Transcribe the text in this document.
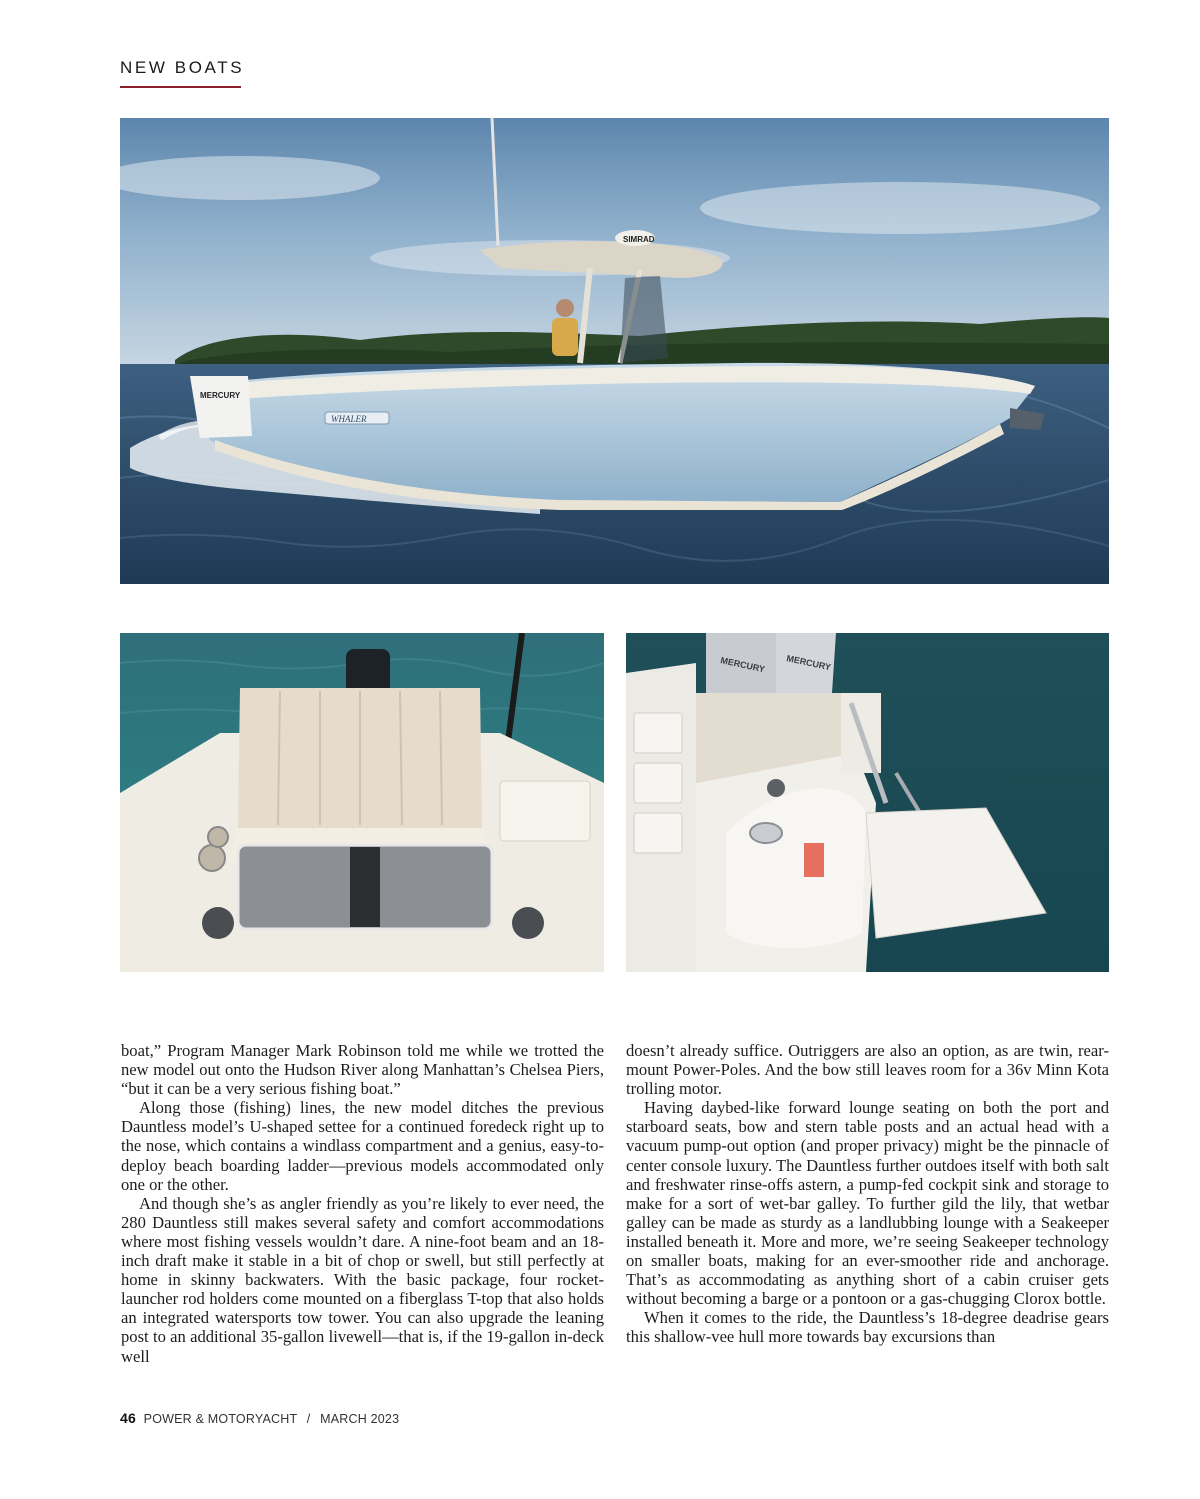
NEW BOATS
SIMRAD
WHALER
MERCURY
MERCURY MERCURY

boat,” Program Manager Mark Robinson told me while we trotted the new model out onto the Hudson River along Manhattan’s Chelsea Piers, “but it can be a very serious fishing boat.”

Along those (fishing) lines, the new model ditches the previous Dauntless model’s U-shaped settee for a continued foredeck right up to the nose, which contains a windlass compartment and a genius, easy-to-deploy beach boarding ladder—previous models accommodated only one or the other.

And though she’s as angler friendly as you’re likely to ever need, the 280 Dauntless still makes several safety and comfort accommodations where most fishing vessels wouldn’t dare. A nine-foot beam and an 18-inch draft make it stable in a bit of chop or swell, but still perfectly at home in skinny backwaters. With the basic package, four rocket-launcher rod holders come mounted on a fiberglass T-top that also holds an integrated watersports tow tower. You can also upgrade the leaning post to an additional 35-gallon livewell—that is, if the 19-gallon in-deck well

doesn’t already suffice. Outriggers are also an option, as are twin, rear-mount Power-Poles. And the bow still leaves room for a 36v Minn Kota trolling motor.

Having daybed-like forward lounge seating on both the port and starboard seats, bow and stern table posts and an actual head with a vacuum pump-out option (and proper privacy) might be the pinnacle of center console luxury. The Dauntless further outdoes itself with both salt and freshwater rinse-offs astern, a pump-fed cockpit sink and storage to make for a sort of wet-bar galley. To further gild the lily, that wetbar galley can be made as sturdy as a landlubbing lounge with a Seakeeper installed beneath it. More and more, we’re seeing Seakeeper technology on smaller boats, making for an ever-smoother ride and anchorage. That’s as accommodating as anything short of a cabin cruiser gets without becoming a barge or a pontoon or a gas-chugging Clorox bottle.

When it comes to the ride, the Dauntless’s 18-degree deadrise gears this shallow-vee hull more towards bay excursions than

46 POWER & MOTORYACHT / MARCH 2023
